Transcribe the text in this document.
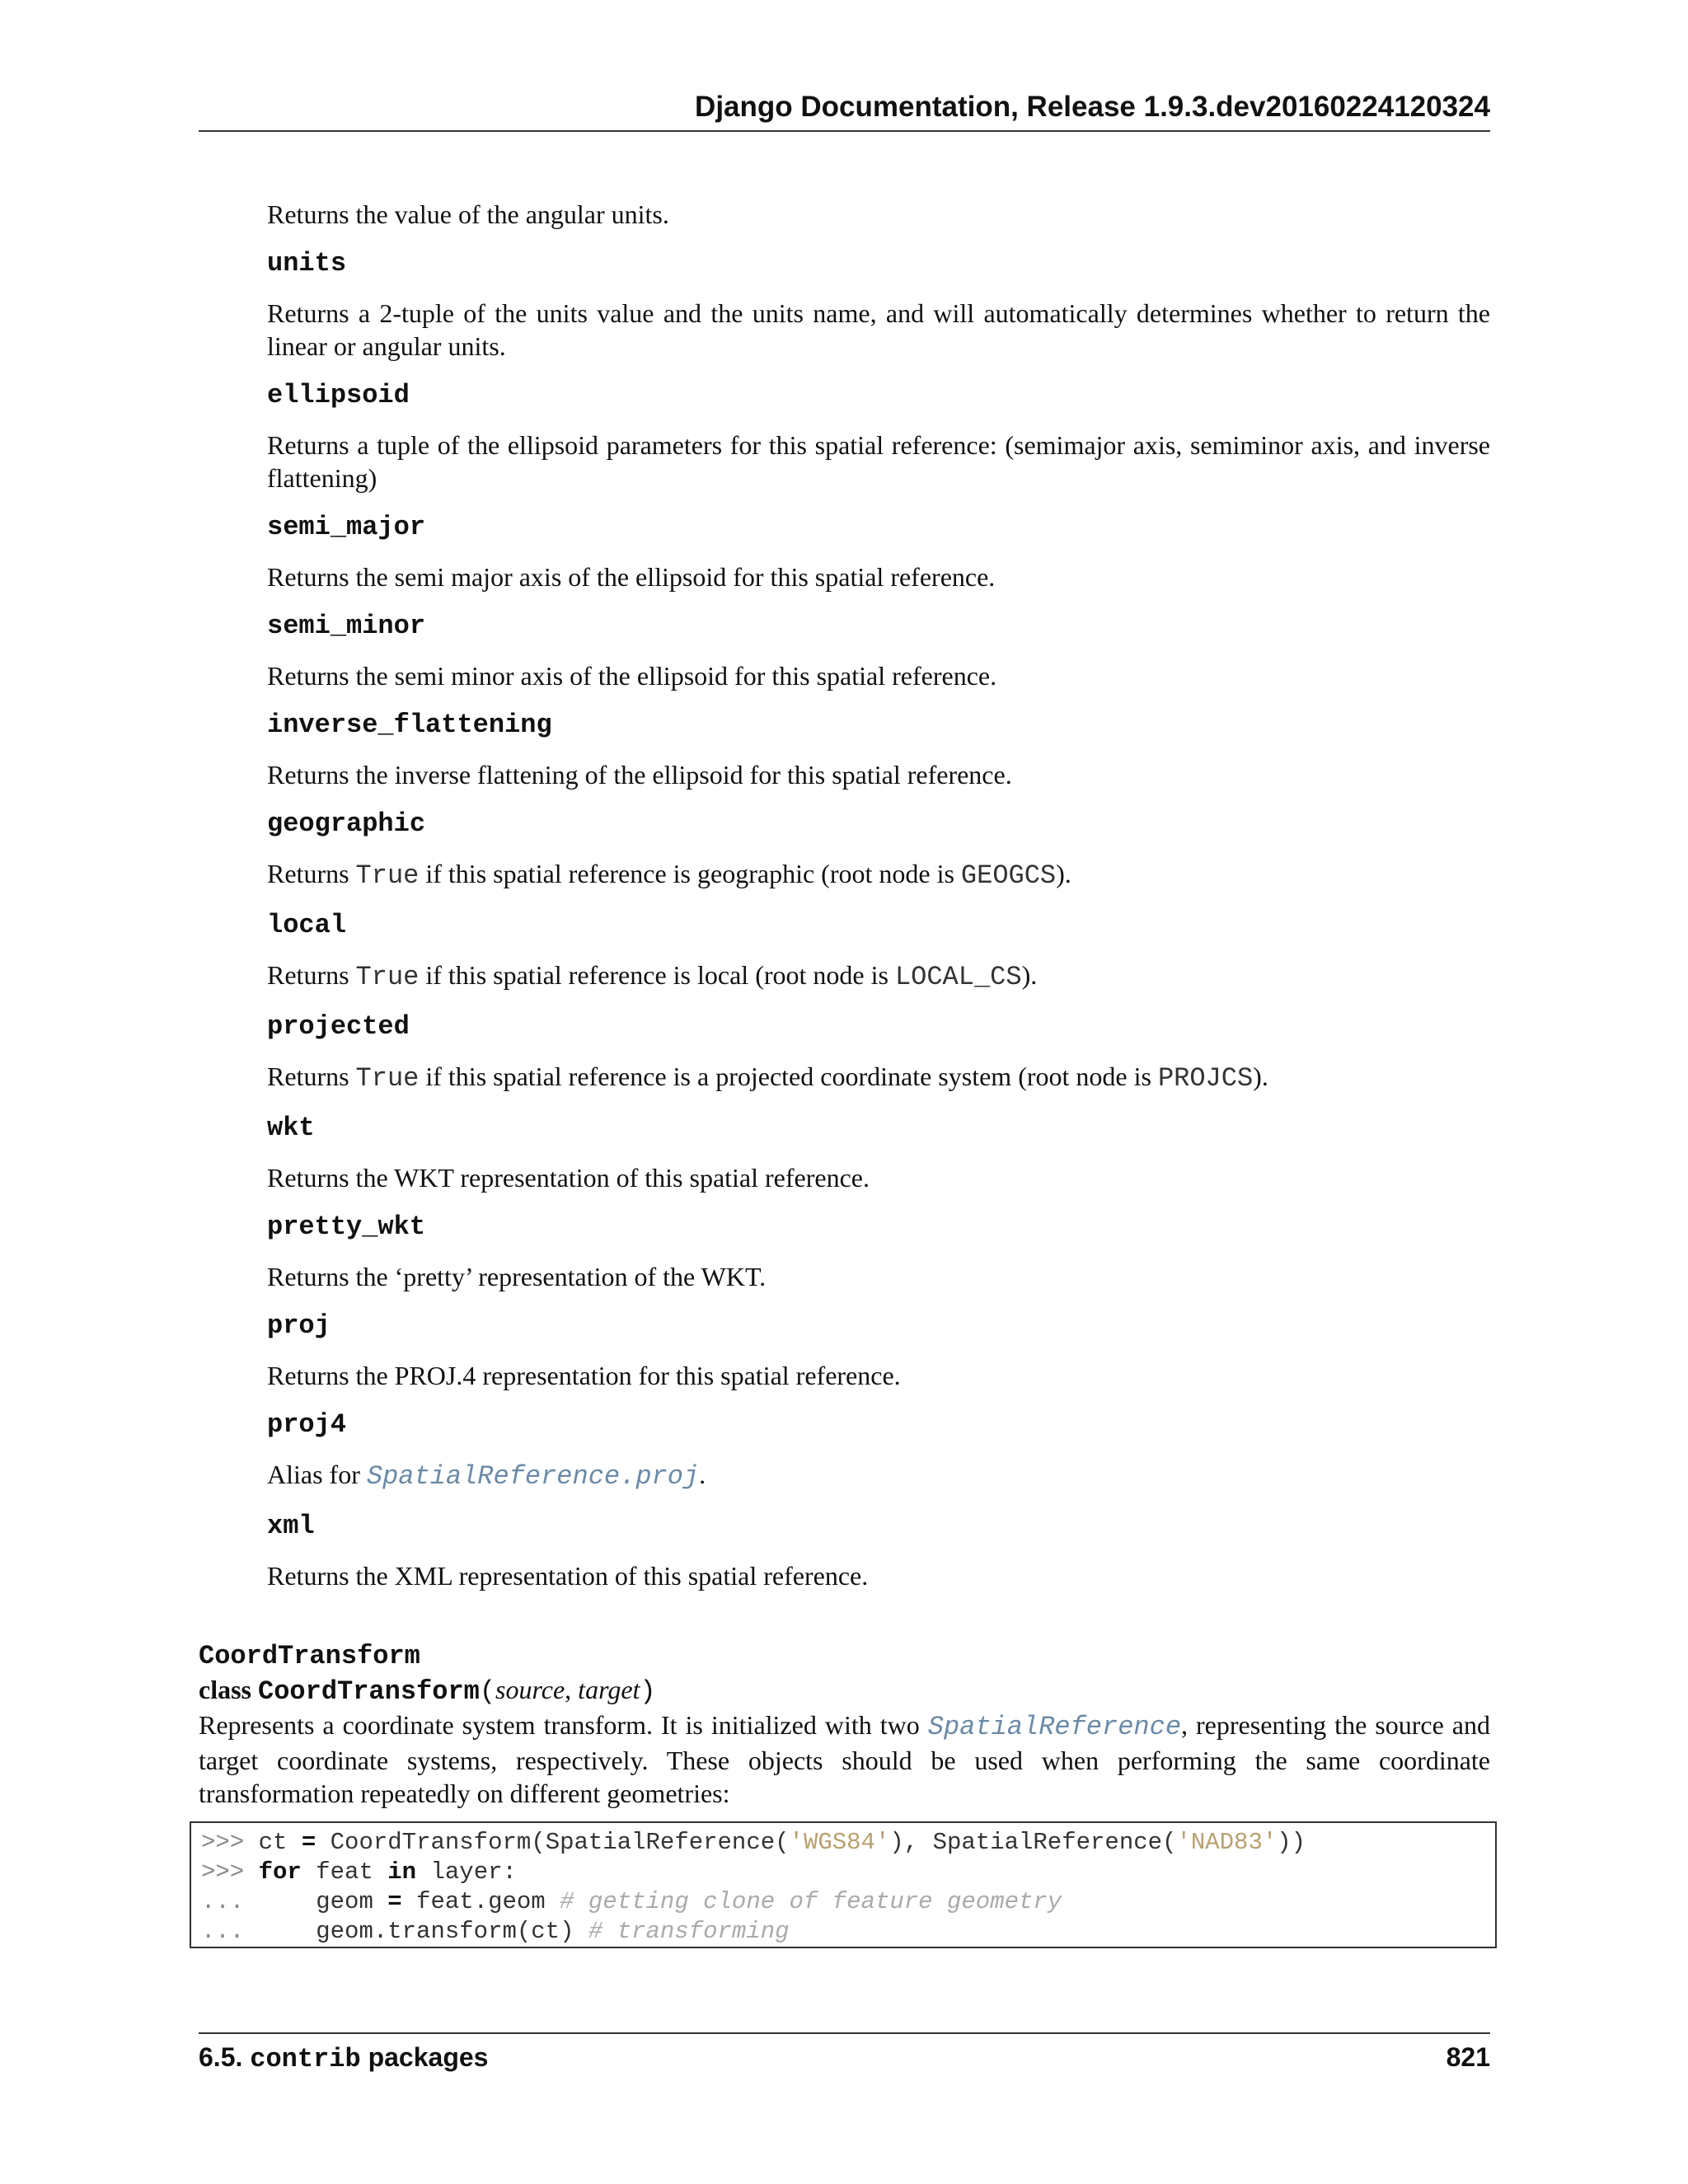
Django Documentation, Release 1.9.3.dev20160224120324

Returns the value of the angular units.

units

Returns a 2-tuple of the units value and the units name, and will automatically determines whether to return the linear or angular units.

ellipsoid

Returns a tuple of the ellipsoid parameters for this spatial reference: (semimajor axis, semiminor axis, and inverse flattening)

semi_major

Returns the semi major axis of the ellipsoid for this spatial reference.

semi_minor

Returns the semi minor axis of the ellipsoid for this spatial reference.

inverse_flattening

Returns the inverse flattening of the ellipsoid for this spatial reference.

geographic

Returns True if this spatial reference is geographic (root node is GEOGCS).

local

Returns True if this spatial reference is local (root node is LOCAL_CS).

projected

Returns True if this spatial reference is a projected coordinate system (root node is PROJCS).

wkt

Returns the WKT representation of this spatial reference.

pretty_wkt

Returns the ‘pretty’ representation of the WKT.

proj

Returns the PROJ.4 representation for this spatial reference.

proj4

Alias for SpatialReference.proj.

xml

Returns the XML representation of this spatial reference.

CoordTransform
class CoordTransform(source, target)

Represents a coordinate system transform. It is initialized with two SpatialReference, representing the source and target coordinate systems, respectively. These objects should be used when performing the same coordinate transformation repeatedly on different geometries:

>>> ct = CoordTransform(SpatialReference('WGS84'), SpatialReference('NAD83'))
>>> for feat in layer:
...     geom = feat.geom # getting clone of feature geometry
...     geom.transform(ct) # transforming
6.5. contrib packages	821
